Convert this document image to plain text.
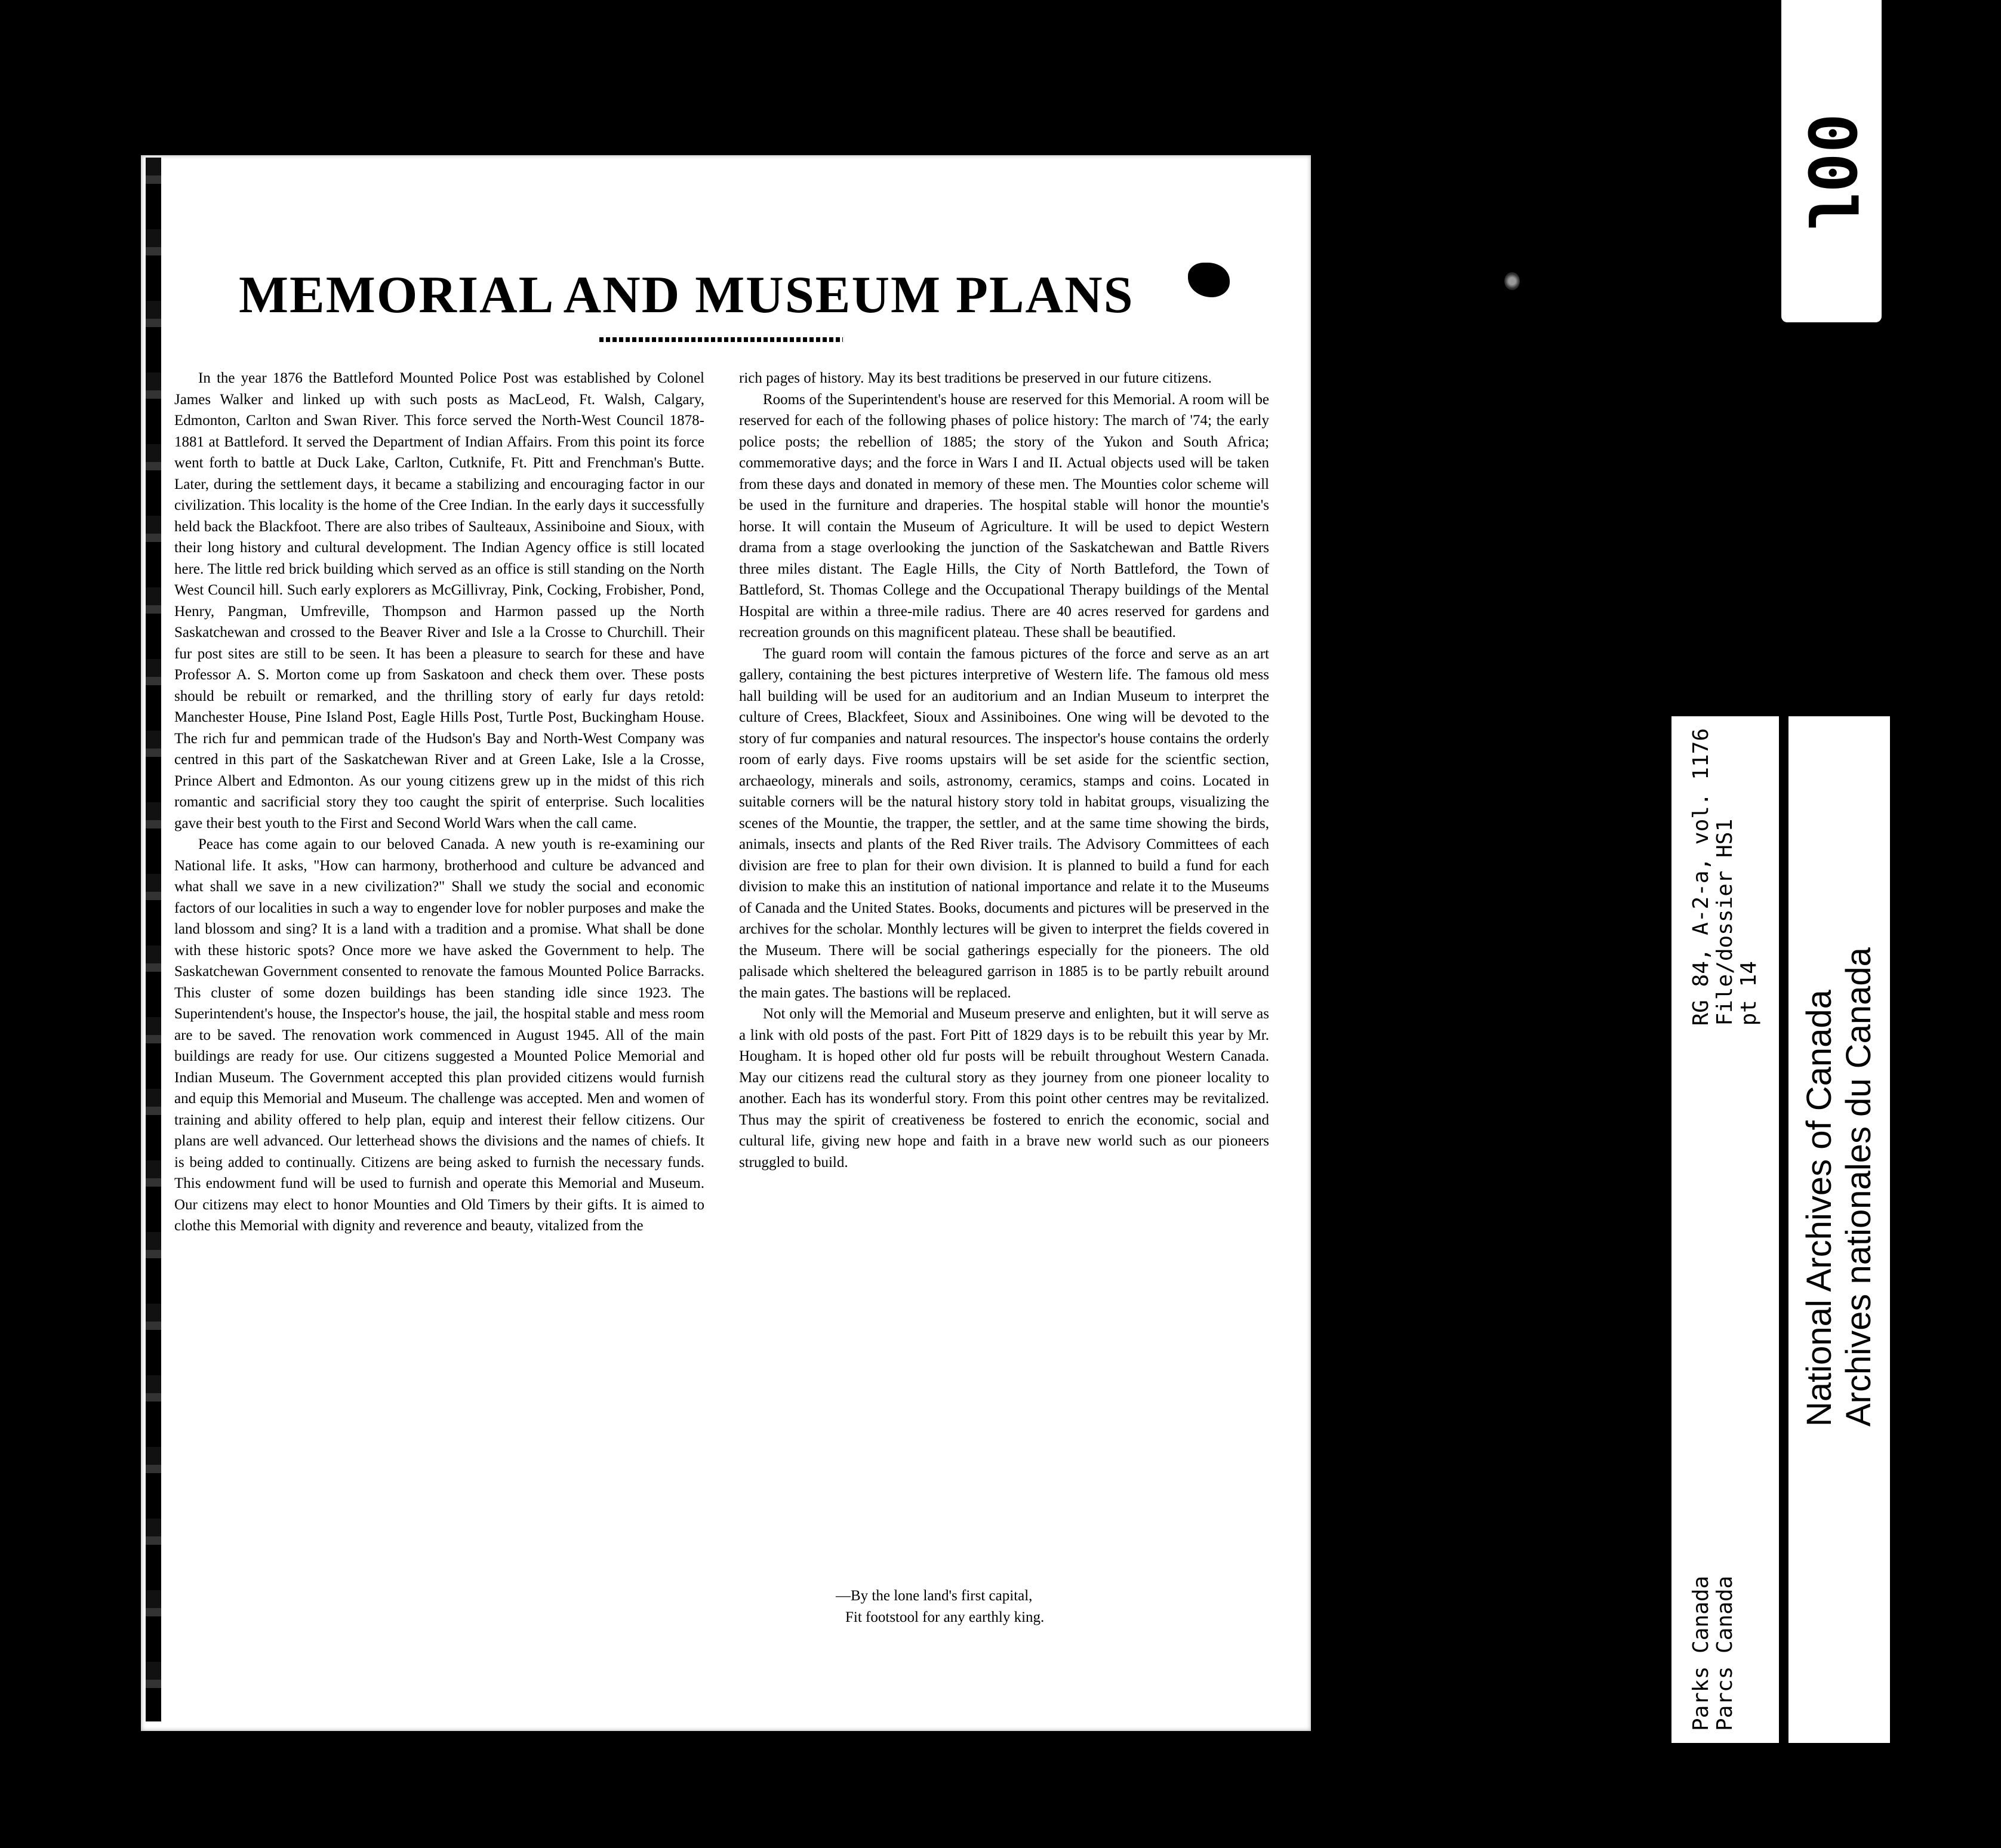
MEMORIAL AND MUSEUM PLANS

In the year 1876 the Battleford Mounted Police Post was established by Colonel James Walker and linked up with such posts as MacLeod, Ft. Walsh, Calgary, Edmonton, Carlton and Swan River. This force served the North-West Council 1878-1881 at Battleford. It served the Department of Indian Affairs. From this point its force went forth to battle at Duck Lake, Carlton, Cutknife, Ft. Pitt and Frenchman's Butte. Later, during the settlement days, it became a stabilizing and encouraging factor in our civilization. This locality is the home of the Cree Indian. In the early days it successfully held back the Blackfoot. There are also tribes of Saulteaux, Assiniboine and Sioux, with their long history and cultural development. The Indian Agency office is still located here. The little red brick building which served as an office is still standing on the North West Council hill. Such early explorers as McGillivray, Pink, Cocking, Frobisher, Pond, Henry, Pangman, Umfreville, Thompson and Harmon passed up the North Saskatchewan and crossed to the Beaver River and Isle a la Crosse to Churchill. Their fur post sites are still to be seen. It has been a pleasure to search for these and have Professor A. S. Morton come up from Saskatoon and check them over. These posts should be rebuilt or remarked, and the thrilling story of early fur days retold: Manchester House, Pine Island Post, Eagle Hills Post, Turtle Post, Buckingham House. The rich fur and pemmican trade of the Hudson's Bay and North-West Company was centred in this part of the Saskatchewan River and at Green Lake, Isle a la Crosse, Prince Albert and Edmonton. As our young citizens grew up in the midst of this rich romantic and sacrificial story they too caught the spirit of enterprise. Such localities gave their best youth to the First and Second World Wars when the call came.

Peace has come again to our beloved Canada. A new youth is re-examining our National life. It asks, "How can harmony, brotherhood and culture be advanced and what shall we save in a new civilization?" Shall we study the social and economic factors of our localities in such a way to engender love for nobler purposes and make the land blossom and sing? It is a land with a tradition and a promise. What shall be done with these historic spots? Once more we have asked the Government to help. The Saskatchewan Government consented to renovate the famous Mounted Police Barracks. This cluster of some dozen buildings has been standing idle since 1923. The Superintendent's house, the Inspector's house, the jail, the hospital stable and mess room are to be saved. The renovation work commenced in August 1945. All of the main buildings are ready for use. Our citizens suggested a Mounted Police Memorial and Indian Museum. The Government accepted this plan provided citizens would furnish and equip this Memorial and Museum. The challenge was accepted. Men and women of training and ability offered to help plan, equip and interest their fellow citizens. Our plans are well advanced. Our letterhead shows the divisions and the names of chiefs. It is being added to continually. Citizens are being asked to furnish the necessary funds. This endowment fund will be used to furnish and operate this Memorial and Museum. Our citizens may elect to honor Mounties and Old Timers by their gifts. It is aimed to clothe this Memorial with dignity and reverence and beauty, vitalized from the

rich pages of history. May its best traditions be preserved in our future citizens.

Rooms of the Superintendent's house are reserved for this Memorial. A room will be reserved for each of the following phases of police history: The march of '74; the early police posts; the rebellion of 1885; the story of the Yukon and South Africa; commemorative days; and the force in Wars I and II. Actual objects used will be taken from these days and donated in memory of these men. The Mounties color scheme will be used in the furniture and draperies. The hospital stable will honor the mountie's horse. It will contain the Museum of Agriculture. It will be used to depict Western drama from a stage overlooking the junction of the Saskatchewan and Battle Rivers three miles distant. The Eagle Hills, the City of North Battleford, the Town of Battleford, St. Thomas College and the Occupational Therapy buildings of the Mental Hospital are within a three-mile radius. There are 40 acres reserved for gardens and recreation grounds on this magnificent plateau. These shall be beautified.

The guard room will contain the famous pictures of the force and serve as an art gallery, containing the best pictures interpretive of Western life. The famous old mess hall building will be used for an auditorium and an Indian Museum to interpret the culture of Crees, Blackfeet, Sioux and Assiniboines. One wing will be devoted to the story of fur companies and natural resources. The inspector's house contains the orderly room of early days. Five rooms upstairs will be set aside for the scientfic section, archaeology, minerals and soils, astronomy, ceramics, stamps and coins. Located in suitable corners will be the natural history story told in habitat groups, visualizing the scenes of the Mountie, the trapper, the settler, and at the same time showing the birds, animals, insects and plants of the Red River trails. The Advisory Committees of each division are free to plan for their own division. It is planned to build a fund for each division to make this an institution of national importance and relate it to the Museums of Canada and the United States. Books, documents and pictures will be preserved in the archives for the scholar. Monthly lectures will be given to interpret the fields covered in the Museum. There will be social gatherings especially for the pioneers. The old palisade which sheltered the beleagured garrison in 1885 is to be partly rebuilt around the main gates. The bastions will be replaced.

Not only will the Memorial and Museum preserve and enlighten, but it will serve as a link with old posts of the past. Fort Pitt of 1829 days is to be rebuilt this year by Mr. Hougham. It is hoped other old fur posts will be rebuilt throughout Western Canada. May our citizens read the cultural story as they journey from one pioneer locality to another. Each has its wonderful story. From this point other centres may be revitalized. Thus may the spirit of creativeness be fostered to enrich the economic, social and cultural life, giving new hope and faith in a brave new world such as our pioneers struggled to build.

—By the lone land's first capital,
Fit footstool for any earthly king.
00l
Parks Canada Parcs Canada
RG 84, A-2-a, vol. 1176 File/dossier HS1 pt 14 National Archives of Canada Archives nationales du Canada
